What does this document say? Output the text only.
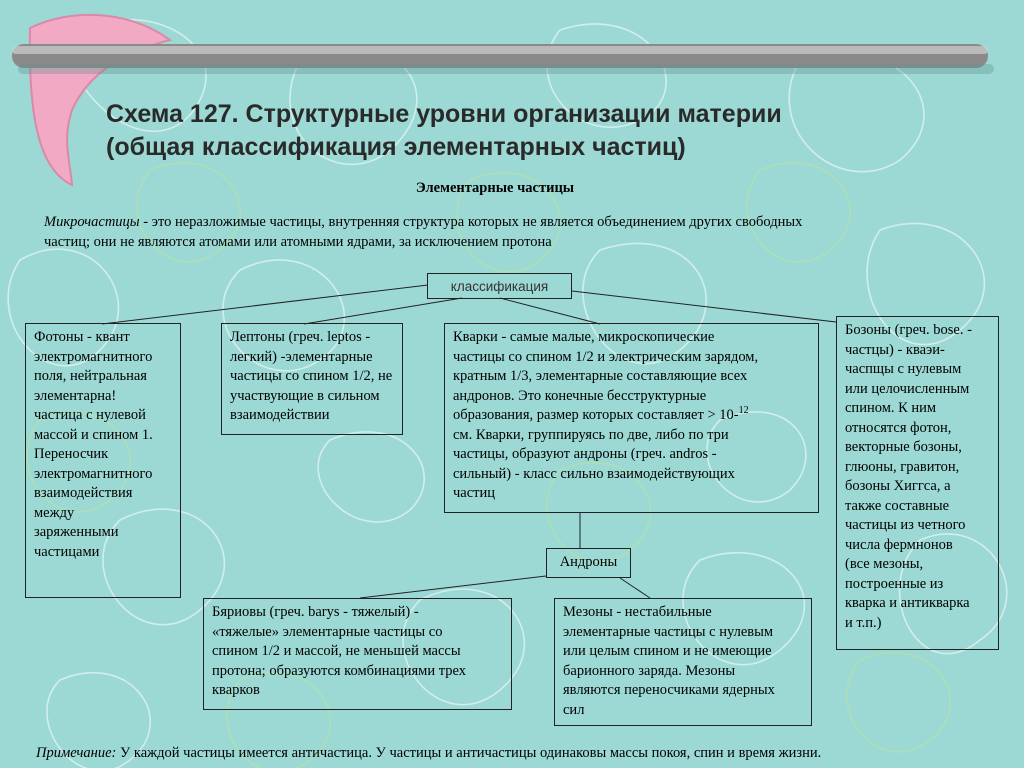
Схема 127. Структурные уровни организации материи
(общая классификация элементарных частиц)
Элементарные частицы
Микрочастицы - это неразложимые частицы, внутренняя структура которых не является объединением других свободных
частиц; они не являются атомами или атомными ядрами, за исключением протона
классификация
Фотоны - квант
электромагнитного
поля, нейтральная
элементарна!
частица с нулевой
массой и спином 1.
Переносчик
электромагнитного
взаимодействия
между
заряженными
частицами
Лептоны (греч. leptos -
легкий) -элементарные
частицы со спином 1/2, не
участвующие в сильном
взаимодействии
Кварки - самые малые, микроскопические
частицы со спином 1/2 и электрическим зарядом,
кратным 1/3, элементарные составляющие всех
андронов. Это конечные бесструктурные
образования, размер которых составляет > 10-$^{12}$
см. Кварки, группируясь по две, либо по три
частицы, образуют андроны (греч. andros -
сильный) - класс сильно взаимодействующих
частиц
Бозоны (греч. bose. -
частцы) - кваэи-
часпщы с нулевым
или целочисленным
спином. К ним
относятся фотон,
векторные бозоны,
глюоны, гравитон,
бозоны Хиггса, а
также составные
частицы из четного
числа фермнонов
(все мезоны,
построенные из
кварка и антикварка
и т.п.)
Андроны
Бяриовы (греч. barys - тяжелый) -
«тяжелые» элементарные частицы со
спином 1/2 и массой, не меньшей массы
протона; образуются комбинациями трех
кварков
Мезоны - нестабильные
элементарные частицы с нулевым
или целым спином и не имеющие
барионного заряда. Мезоны
являются переносчиками ядерных
сил
Примечание: У каждой частицы имеется античастица. У частицы и античастицы одинаковы массы покоя, спин и время жизни.
